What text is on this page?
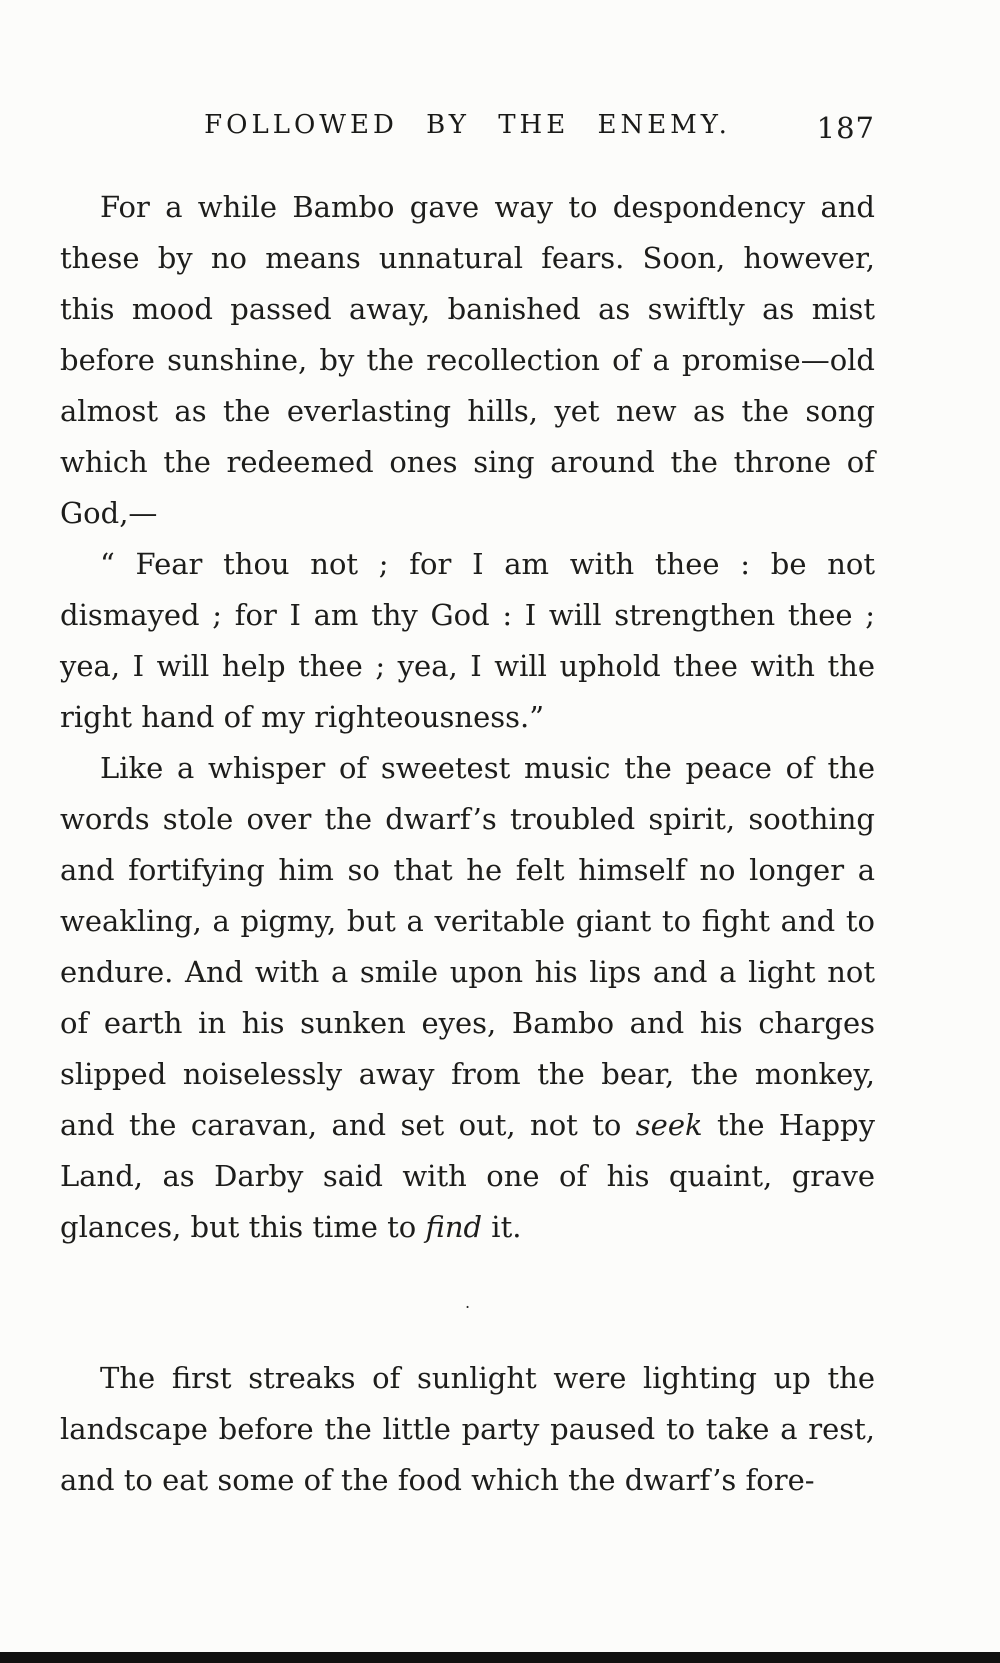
FOLLOWED BY THE ENEMY.	187

For a while Bambo gave way to despondency and these by no means unnatural fears. Soon, however, this mood passed away, banished as swiftly as mist before sunshine, by the recollection of a promise—old almost as the everlasting hills, yet new as the song which the redeemed ones sing around the throne of God,—

“ Fear thou not ; for I am with thee : be not dismayed ; for I am thy God : I will strengthen thee ; yea, I will help thee ; yea, I will uphold thee with the right hand of my righteousness.”

Like a whisper of sweetest music the peace of the words stole over the dwarf’s troubled spirit, soothing and fortifying him so that he felt himself no longer a weakling, a pigmy, but a veritable giant to fight and to endure. And with a smile upon his lips and a light not of earth in his sunken eyes, Bambo and his charges slipped noiselessly away from the bear, the monkey, and the caravan, and set out, not to seek the Happy Land, as Darby said with one of his quaint, grave glances, but this time to find it.

.

The first streaks of sunlight were lighting up the landscape before the little party paused to take a rest, and to eat some of the food which the dwarf’s fore-
